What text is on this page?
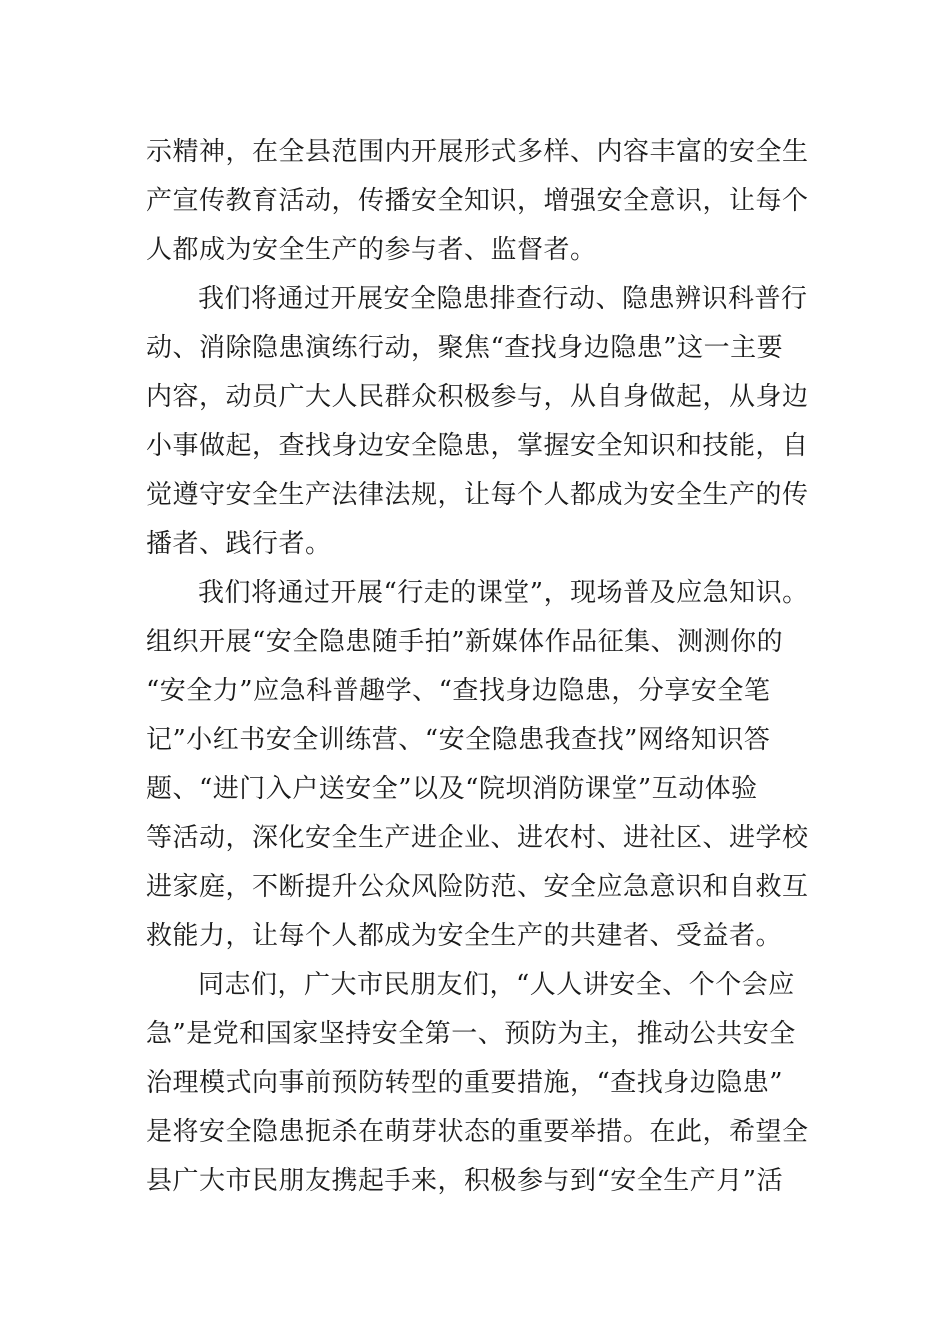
示精神，在全县范围内开展形式多样、内容丰富的安全生
产宣传教育活动，传播安全知识，增强安全意识，让每个
人都成为安全生产的参与者、监督者。
我们将通过开展安全隐患排查行动、隐患辨识科普行
动、消除隐患演练行动，聚焦“查找身边隐患”这一主要
内容，动员广大人民群众积极参与，从自身做起，从身边
小事做起，查找身边安全隐患，掌握安全知识和技能，自
觉遵守安全生产法律法规，让每个人都成为安全生产的传
播者、践行者。
我们将通过开展“行走的课堂”，现场普及应急知识。
组织开展“安全隐患随手拍”新媒体作品征集、测测你的
“安全力”应急科普趣学、“查找身边隐患，分享安全笔
记”小红书安全训练营、“安全隐患我查找”网络知识答
题、“进门入户送安全”以及“院坝消防课堂”互动体验
等活动，深化安全生产进企业、进农村、进社区、进学校
进家庭，不断提升公众风险防范、安全应急意识和自救互
救能力，让每个人都成为安全生产的共建者、受益者。
同志们，广大市民朋友们，“人人讲安全、个个会应
急”是党和国家坚持安全第一、预防为主，推动公共安全
治理模式向事前预防转型的重要措施，“查找身边隐患”
是将安全隐患扼杀在萌芽状态的重要举措。在此，希望全
县广大市民朋友携起手来，积极参与到“安全生产月”活
